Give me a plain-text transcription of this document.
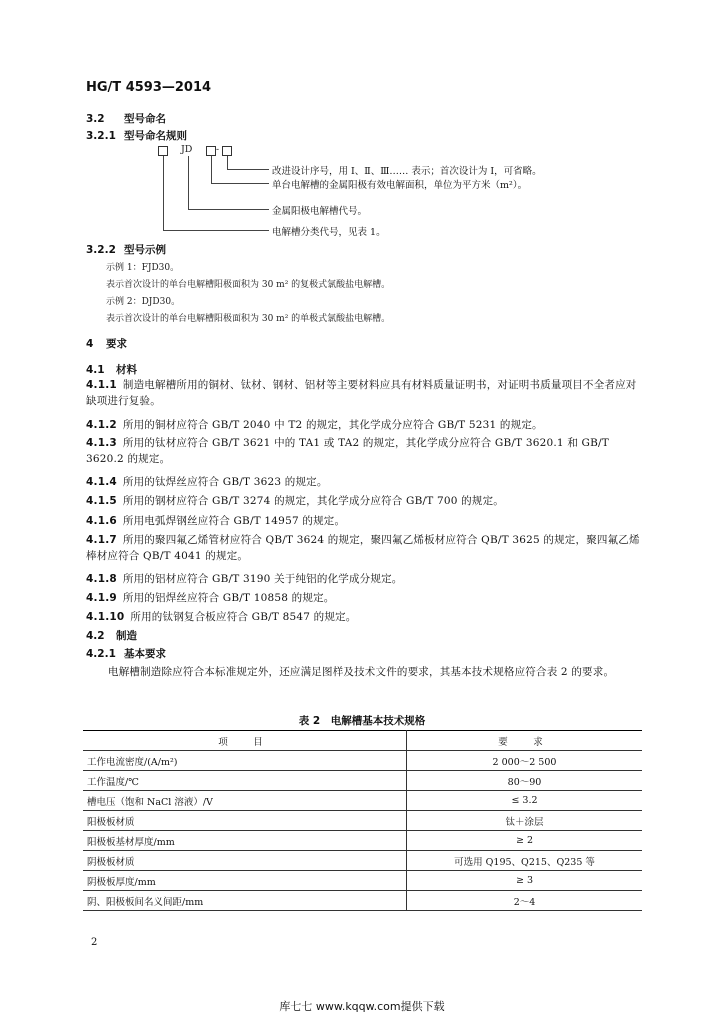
HG/T 4593—2014
3.2 型号命名
3.2.1 型号命名规则
JD	-
改进设计序号，用 Ⅰ、Ⅱ、Ⅲ…… 表示；首次设计为 Ⅰ，可省略。
单台电解槽的金属阳极有效电解面积，单位为平方米（m²）。
金属阳极电解槽代号。
电解槽分类代号，见表 1。
3.2.2 型号示例
示例 1：FJD30。
表示首次设计的单台电解槽阳极面积为 30 m² 的复极式氯酸盐电解槽。
示例 2：DJD30。
表示首次设计的单台电解槽阳极面积为 30 m² 的单极式氯酸盐电解槽。
4 要求
4.1 材料
4.1.1 制造电解槽所用的铜材、钛材、钢材、铝材等主要材料应具有材料质量证明书，对证明书质量项目不全者应对缺项进行复验。
4.1.2 所用的铜材应符合 GB/T 2040 中 T2 的规定，其化学成分应符合 GB/T 5231 的规定。
4.1.3 所用的钛材应符合 GB/T 3621 中的 TA1 或 TA2 的规定，其化学成分应符合 GB/T 3620.1 和 GB/T 3620.2 的规定。
4.1.4 所用的钛焊丝应符合 GB/T 3623 的规定。
4.1.5 所用的钢材应符合 GB/T 3274 的规定，其化学成分应符合 GB/T 700 的规定。
4.1.6 所用电弧焊钢丝应符合 GB/T 14957 的规定。
4.1.7 所用的聚四氟乙烯管材应符合 QB/T 3624 的规定，聚四氟乙烯板材应符合 QB/T 3625 的规定，聚四氟乙烯棒材应符合 QB/T 4041 的规定。
4.1.8 所用的铝材应符合 GB/T 3190 关于纯铝的化学成分规定。
4.1.9 所用的铝焊丝应符合 GB/T 10858 的规定。
4.1.10 所用的钛钢复合板应符合 GB/T 8547 的规定。
4.2 制造
4.2.1 基本要求
电解槽制造除应符合本标准规定外，还应满足图样及技术文件的要求，其基本技术规格应符合表 2 的要求。
表 2　电解槽基本技术规格
项　目	要　求
工作电流密度/(A/m²)	2 000～2 500
工作温度/℃	80～90
槽电压（饱和 NaCl 溶液）/V	≤ 3.2
阳极板材质	钛＋涂层
阳极板基材厚度/mm	≥ 2
阴极板材质	可选用 Q195、Q215、Q235 等
阴极板厚度/mm	≥ 3
阴、阳极板间名义间距/mm	2～4
2
库七七 www.kqqw.com提供下载
